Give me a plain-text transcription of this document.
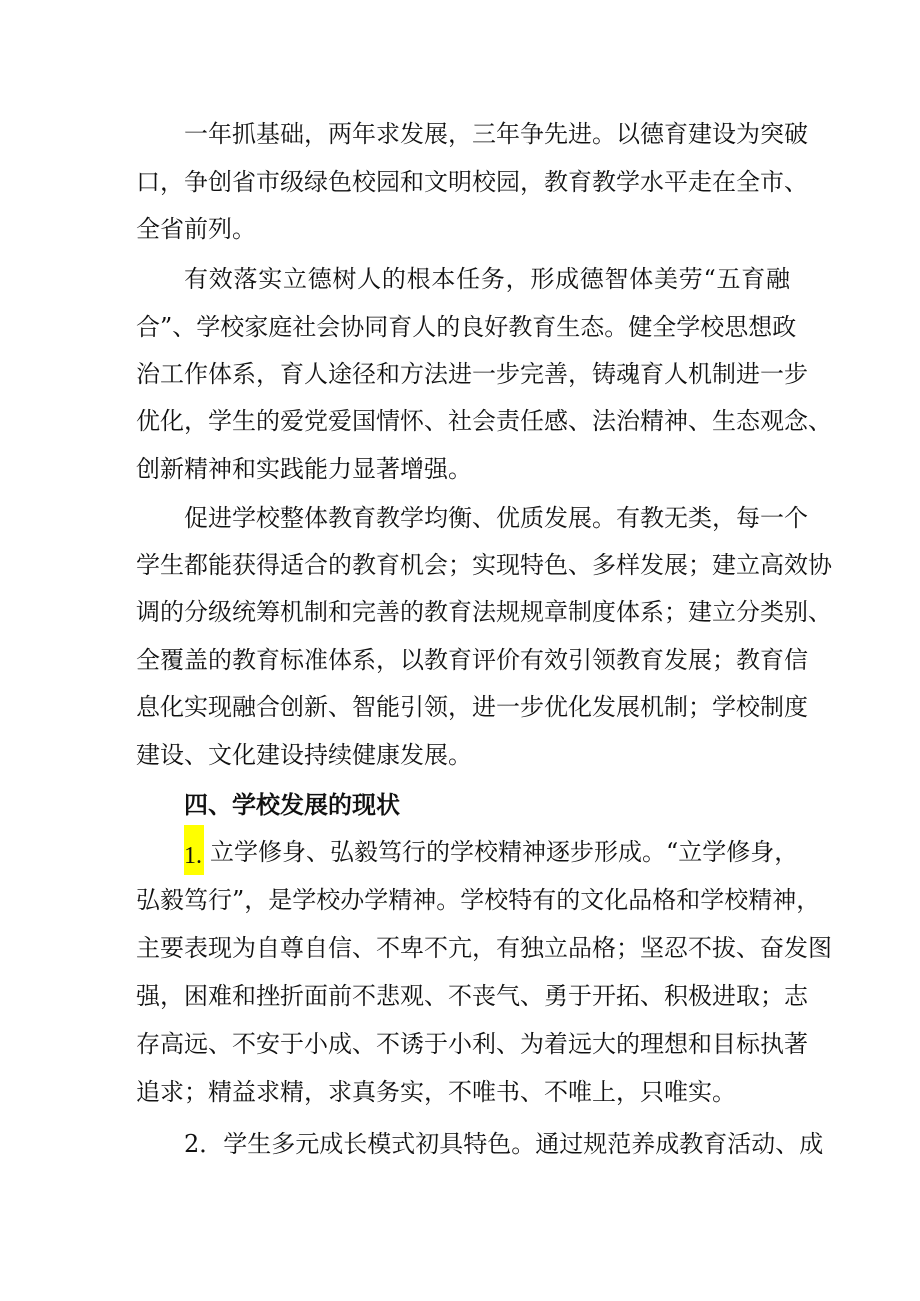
一年抓基础，两年求发展，三年争先进。以德育建设为突破
口，争创省市级绿色校园和文明校园，教育教学水平走在全市、
全省前列。
有效落实立德树人的根本任务，形成德智体美劳“五育融
合”、学校家庭社会协同育人的良好教育生态。健全学校思想政
治工作体系，育人途径和方法进一步完善，铸魂育人机制进一步
优化，学生的爱党爱国情怀、社会责任感、法治精神、生态观念、
创新精神和实践能力显著增强。
促进学校整体教育教学均衡、优质发展。有教无类，每一个
学生都能获得适合的教育机会；实现特色、多样发展；建立高效协
调的分级统筹机制和完善的教育法规规章制度体系；建立分类别、
全覆盖的教育标准体系，以教育评价有效引领教育发展；教育信
息化实现融合创新、智能引领，进一步优化发展机制；学校制度
建设、文化建设持续健康发展。
四、学校发展的现状
立学修身、弘毅笃行的学校精神逐步形成。“立学修身，
1.
弘毅笃行”，是学校办学精神。学校特有的文化品格和学校精神，
主要表现为自尊自信、不卑不亢，有独立品格；坚忍不拔、奋发图
强，困难和挫折面前不悲观、不丧气、勇于开拓、积极进取；志
存高远、不安于小成、不诱于小利、为着远大的理想和目标执著
追求；精益求精，求真务实，不唯书、不唯上，只唯实。
2．学生多元成长模式初具特色。通过规范养成教育活动、成
